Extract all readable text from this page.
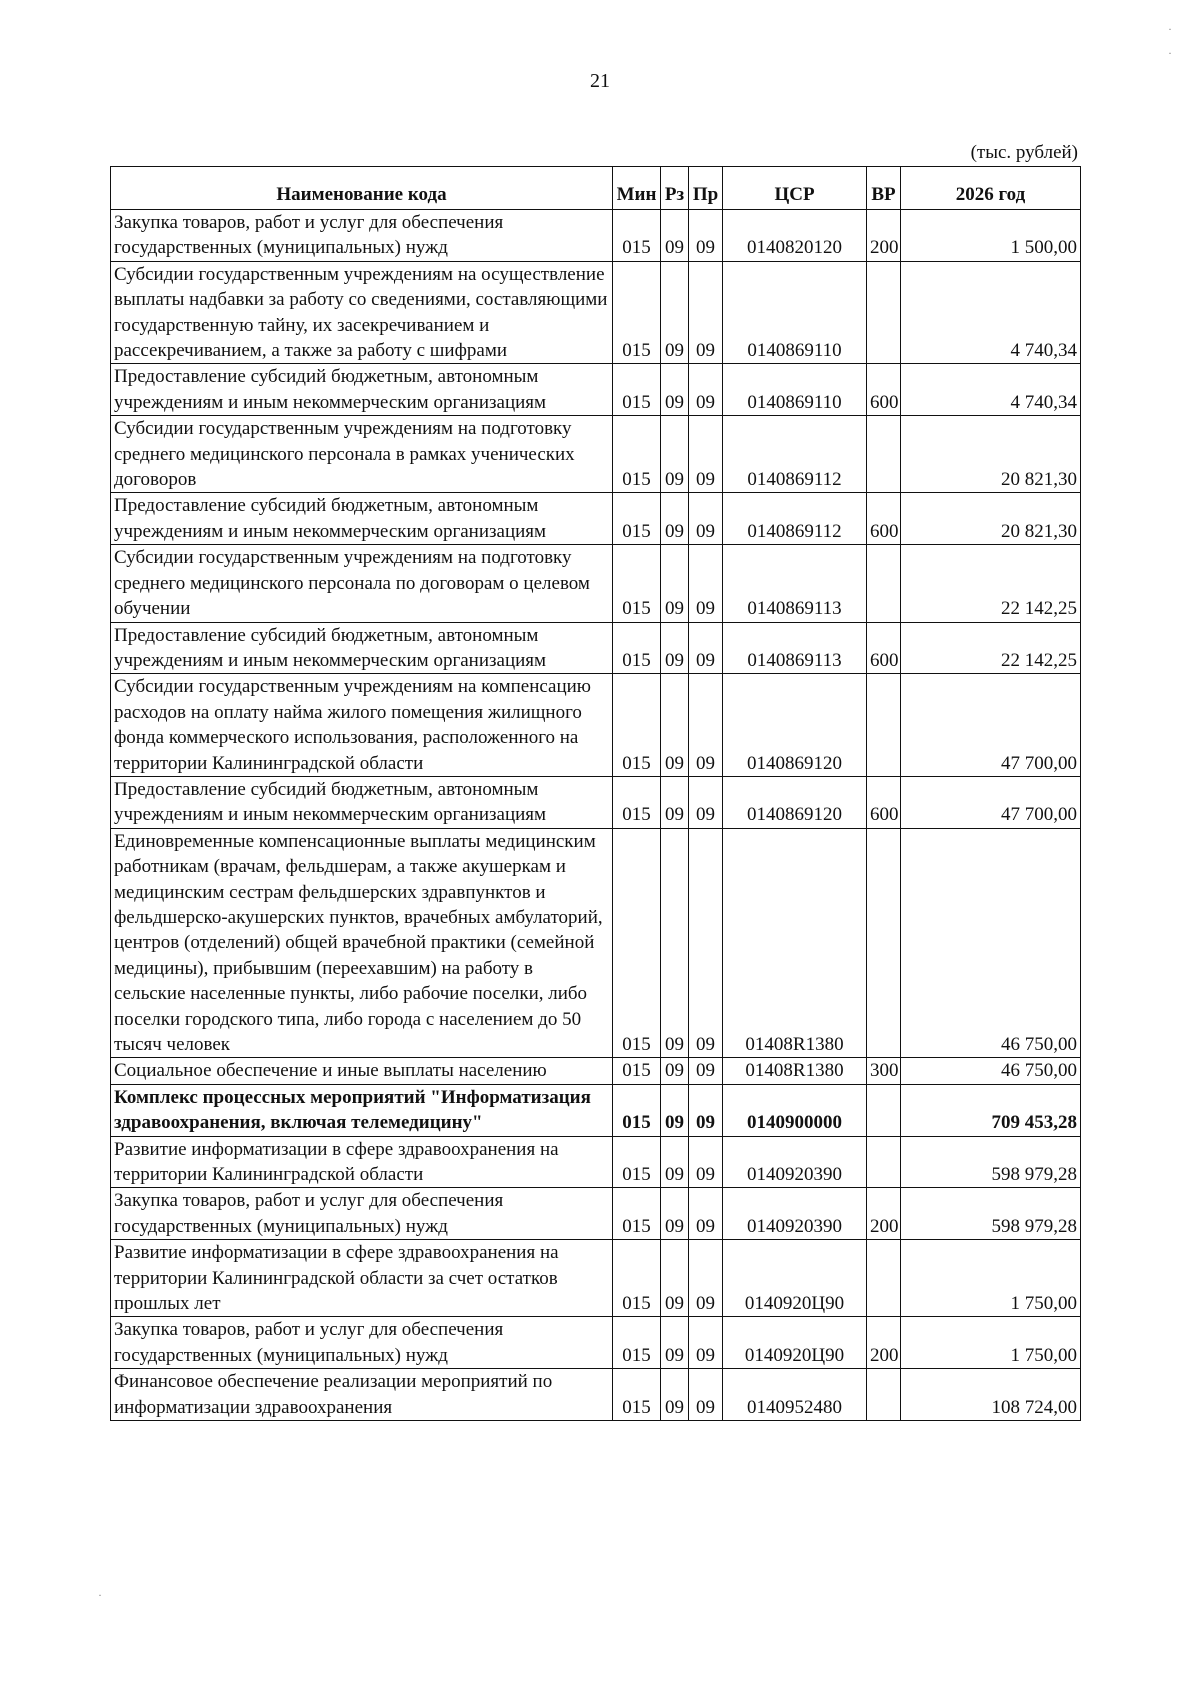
21
(тыс. рублей)
Наименование кода	Мин	Рз	Пр	ЦСР	ВР	2026 год
Закупка товаров, работ и услуг для обеспечения государственных (муниципальных) нужд	015	09	09	0140820120	200	1 500,00
Субсидии государственным учреждениям на осуществление выплаты надбавки за работу со сведениями, составляющими государственную тайну, их засекречиванием и рассекречиванием, а также за работу с шифрами	015	09	09	0140869110		4 740,34
Предоставление субсидий бюджетным, автономным учреждениям и иным некоммерческим организациям	015	09	09	0140869110	600	4 740,34
Субсидии государственным учреждениям на подготовку среднего медицинского персонала в рамках ученических договоров	015	09	09	0140869112		20 821,30
Предоставление субсидий бюджетным, автономным учреждениям и иным некоммерческим организациям	015	09	09	0140869112	600	20 821,30
Субсидии государственным учреждениям на подготовку среднего медицинского персонала по договорам о целевом обучении	015	09	09	0140869113		22 142,25
Предоставление субсидий бюджетным, автономным учреждениям и иным некоммерческим организациям	015	09	09	0140869113	600	22 142,25
Субсидии государственным учреждениям на компенсацию расходов на оплату найма жилого помещения жилищного фонда коммерческого использования, расположенного на территории Калининградской области	015	09	09	0140869120		47 700,00
Предоставление субсидий бюджетным, автономным учреждениям и иным некоммерческим организациям	015	09	09	0140869120	600	47 700,00
Единовременные компенсационные выплаты медицинским работникам (врачам, фельдшерам, а также акушеркам и медицинским сестрам фельдшерских здравпунктов и фельдшерско-акушерских пунктов, врачебных амбулаторий, центров (отделений) общей врачебной практики (семейной медицины), прибывшим (переехавшим) на работу в сельские населенные пункты, либо рабочие поселки, либо поселки городского типа, либо города с населением до 50 тысяч человек	015	09	09	01408R1380		46 750,00
Социальное обеспечение и иные выплаты населению	015	09	09	01408R1380	300	46 750,00
Комплекс процессных мероприятий "Информатизация здравоохранения, включая телемедицину"	015	09	09	0140900000		709 453,28
Развитие информатизации в сфере здравоохранения на территории Калининградской области	015	09	09	0140920390		598 979,28
Закупка товаров, работ и услуг для обеспечения государственных (муниципальных) нужд	015	09	09	0140920390	200	598 979,28
Развитие информатизации в сфере здравоохранения на территории Калининградской области за счет остатков прошлых лет	015	09	09	0140920Ц90		1 750,00
Закупка товаров, работ и услуг для обеспечения государственных (муниципальных) нужд	015	09	09	0140920Ц90	200	1 750,00
Финансовое обеспечение реализации мероприятий по информатизации здравоохранения	015	09	09	0140952480		108 724,00
·
·
·
